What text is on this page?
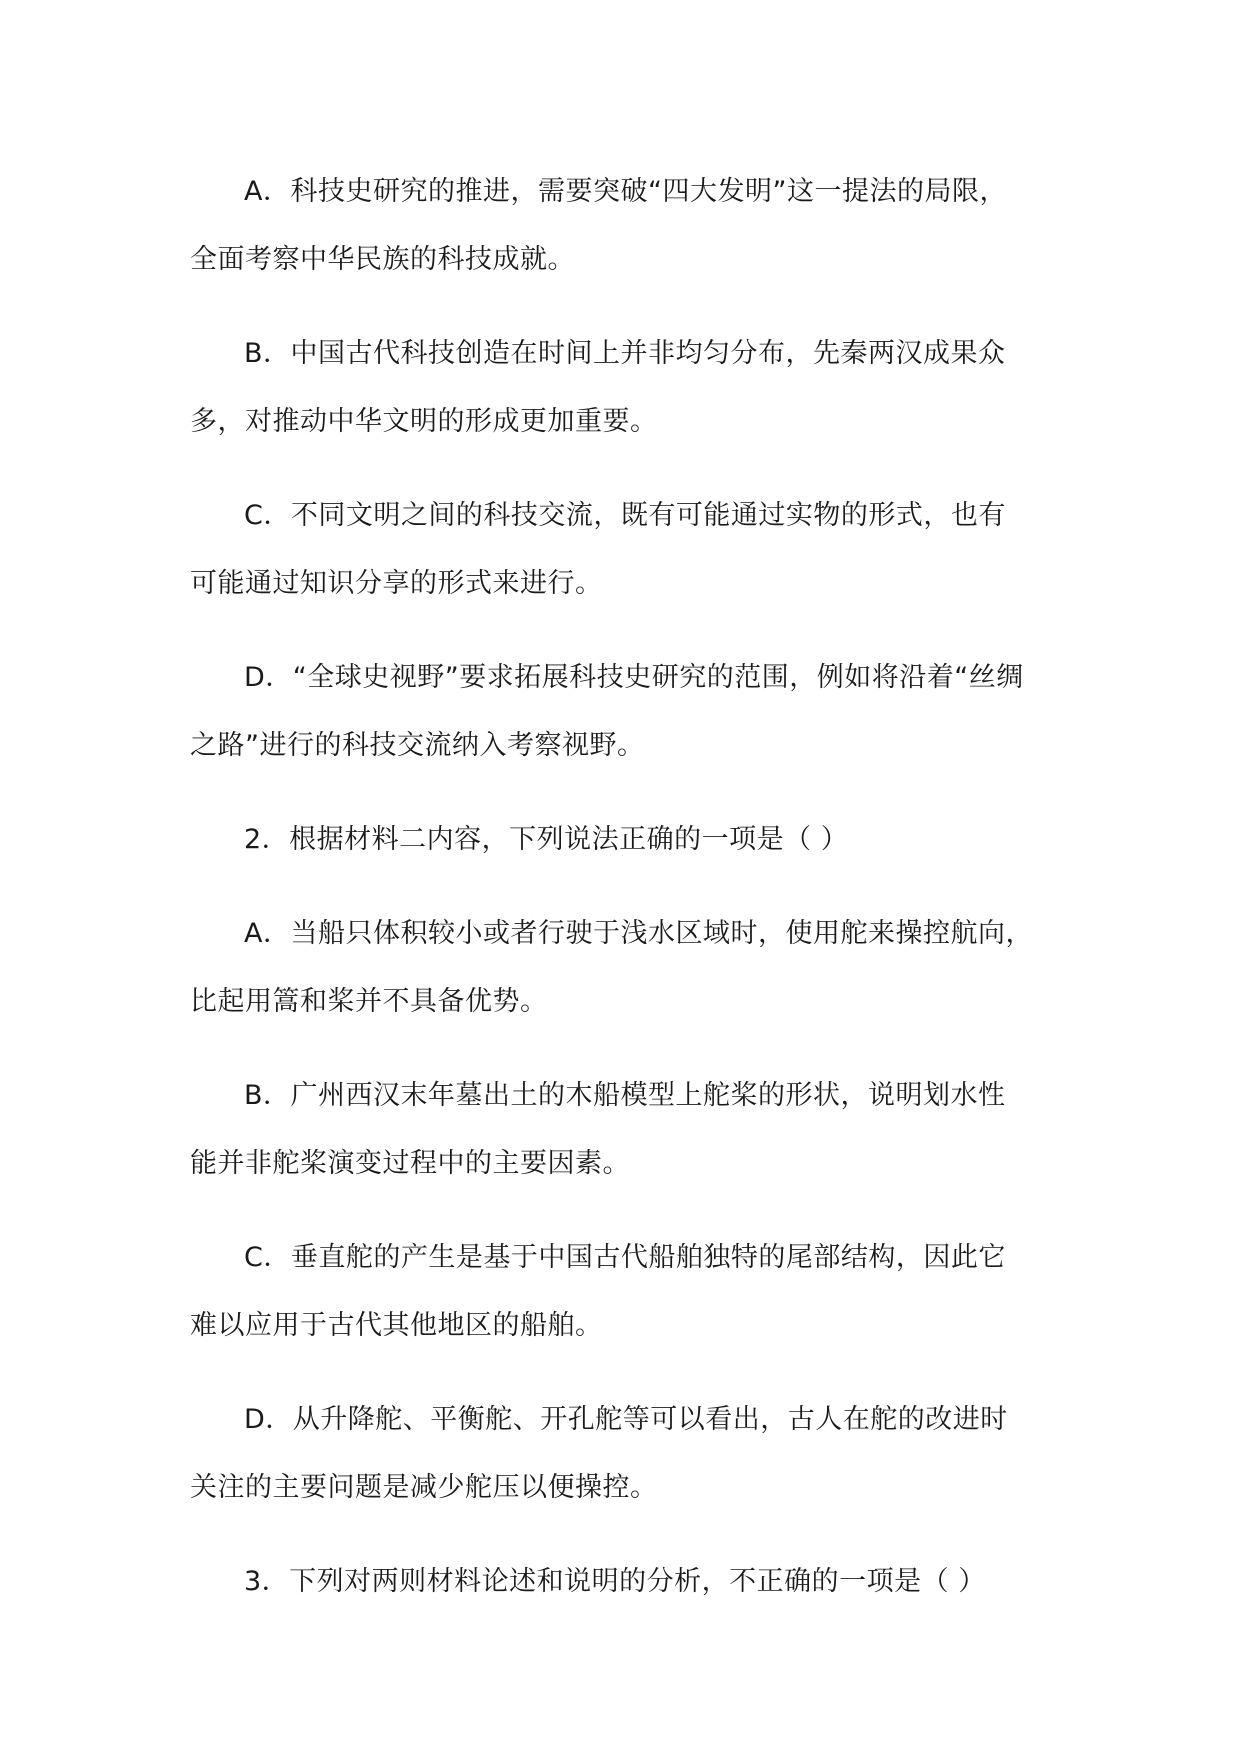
A．科技史研究的推进，需要突破“四大发明”这一提法的局限，
全面考察中华民族的科技成就。

B．中国古代科技创造在时间上并非均匀分布，先秦两汉成果众
多，对推动中华文明的形成更加重要。

C．不同文明之间的科技交流，既有可能通过实物的形式，也有
可能通过知识分享的形式来进行。

D．“全球史视野”要求拓展科技史研究的范围，例如将沿着“丝绸
之路”进行的科技交流纳入考察视野。

2．根据材料二内容，下列说法正确的一项是（ ）

A．当船只体积较小或者行驶于浅水区域时，使用舵来操控航向，
比起用篙和桨并不具备优势。

B．广州西汉末年墓出土的木船模型上舵桨的形状，说明划水性
能并非舵桨演变过程中的主要因素。

C．垂直舵的产生是基于中国古代船舶独特的尾部结构，因此它
难以应用于古代其他地区的船舶。

D．从升降舵、平衡舵、开孔舵等可以看出，古人在舵的改进时
关注的主要问题是减少舵压以便操控。

3．下列对两则材料论述和说明的分析，不正确的一项是（ ）
